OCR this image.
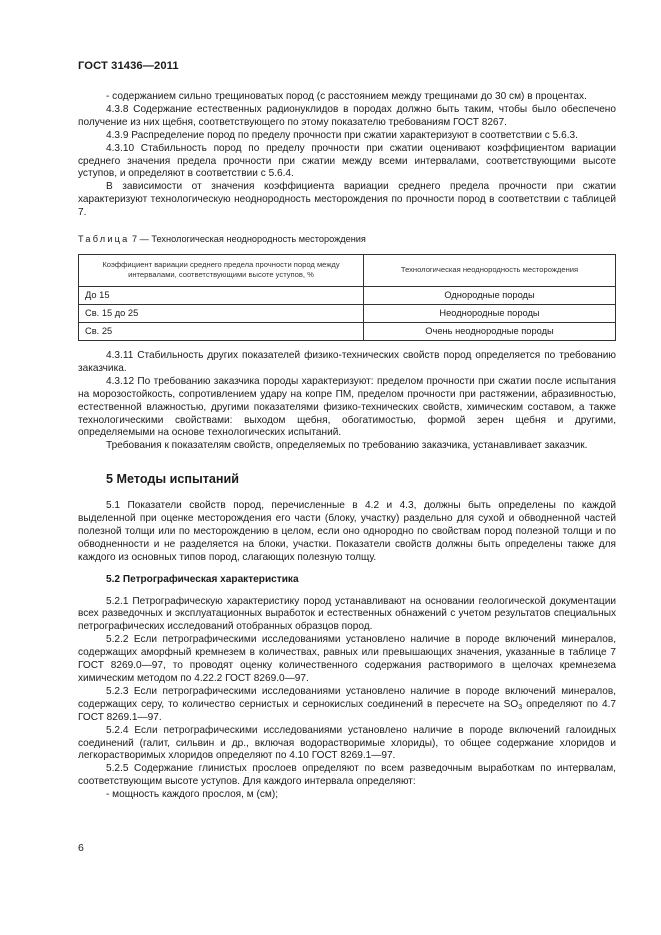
ГОСТ 31436—2011

- содержанием сильно трещиноватых пород (с расстоянием между трещинами до 30 см) в процентах.

4.3.8 Содержание естественных радионуклидов в породах должно быть таким, чтобы было обеспечено получение из них щебня, соответствующего по этому показателю требованиям ГОСТ 8267.

4.3.9 Распределение пород по пределу прочности при сжатии характеризуют в соответствии с 5.6.3.

4.3.10 Стабильность пород по пределу прочности при сжатии оценивают коэффициентом вариации среднего значения предела прочности при сжатии между всеми интервалами, соответствующими высоте уступов, и определяют в соответствии с 5.6.4.

В зависимости от значения коэффициента вариации среднего предела прочности при сжатии характеризуют технологическую неоднородность месторождения по прочности пород в соответствии с таблицей 7.

Таблица 7 — Технологическая неоднородность месторождения

Коэффициент вариации среднего предела прочности пород между интервалами, соответствующими высоте уступов, %	Технологическая неоднородность месторождения
До 15	Однородные породы
Св. 15 до 25	Неоднородные породы
Св. 25	Очень неоднородные породы

4.3.11 Стабильность других показателей физико-технических свойств пород определяется по требованию заказчика.

4.3.12 По требованию заказчика породы характеризуют: пределом прочности при сжатии после испытания на морозостойкость, сопротивлением удару на копре ПМ, пределом прочности при растяжении, абразивностью, естественной влажностью, другими показателями физико-технических свойств, химическим составом, а также технологическими свойствами: выходом щебня, обогатимостью, формой зерен щебня и другими, определяемыми на основе технологических испытаний.

Требования к показателям свойств, определяемых по требованию заказчика, устанавливает заказчик.

5 Методы испытаний

5.1 Показатели свойств пород, перечисленные в 4.2 и 4.3, должны быть определены по каждой выделенной при оценке месторождения его части (блоку, участку) раздельно для сухой и обводненной частей полезной толщи или по месторождению в целом, если оно однородно по свойствам пород полезной толщи и по обводненности и не разделяется на блоки, участки. Показатели свойств должны быть определены также для каждого из основных типов пород, слагающих полезную толщу.

5.2 Петрографическая характеристика

5.2.1 Петрографическую характеристику пород устанавливают на основании геологической документации всех разведочных и эксплуатационных выработок и естественных обнажений с учетом результатов специальных петрографических исследований отобранных образцов пород.

5.2.2 Если петрографическими исследованиями установлено наличие в породе включений минералов, содержащих аморфный кремнезем в количествах, равных или превышающих значения, указанные в таблице 7 ГОСТ 8269.0—97, то проводят оценку количественного содержания растворимого в щелочах кремнезема химическим методом по 4.22.2 ГОСТ 8269.0—97.

5.2.3 Если петрографическими исследованиями установлено наличие в породе включений минералов, содержащих серу, то количество сернистых и сернокислых соединений в пересчете на $SO_3$ определяют по 4.7 ГОСТ 8269.1—97.

5.2.4 Если петрографическими исследованиями установлено наличие в породе включений галоидных соединений (галит, сильвин и др., включая водорастворимые хлориды), то общее содержание хлоридов и легкорастворимых хлоридов определяют по 4.10 ГОСТ 8269.1—97.

5.2.5 Содержание глинистых прослоев определяют по всем разведочным выработкам по интервалам, соответствующим высоте уступов. Для каждого интервала определяют:

- мощность каждого прослоя, м (см);

6
